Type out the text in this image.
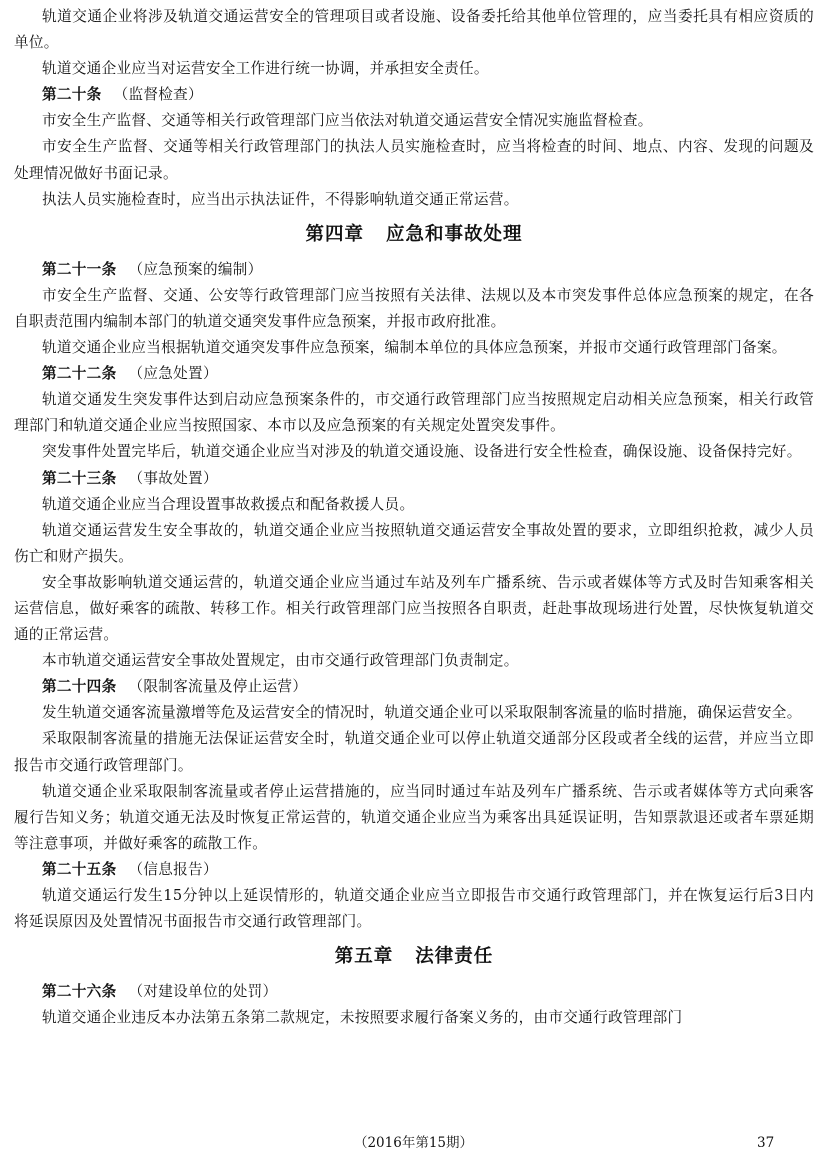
轨道交通企业将涉及轨道交通运营安全的管理项目或者设施、设备委托给其他单位管理的，应当委托具有相应资质的单位。

轨道交通企业应当对运营安全工作进行统一协调，并承担安全责任。

第二十条 （监督检查）

市安全生产监督、交通等相关行政管理部门应当依法对轨道交通运营安全情况实施监督检查。

市安全生产监督、交通等相关行政管理部门的执法人员实施检查时，应当将检查的时间、地点、内容、发现的问题及处理情况做好书面记录。

执法人员实施检查时，应当出示执法证件，不得影响轨道交通正常运营。

第四章 应急和事故处理

第二十一条 （应急预案的编制）

市安全生产监督、交通、公安等行政管理部门应当按照有关法律、法规以及本市突发事件总体应急预案的规定，在各自职责范围内编制本部门的轨道交通突发事件应急预案，并报市政府批准。

轨道交通企业应当根据轨道交通突发事件应急预案，编制本单位的具体应急预案，并报市交通行政管理部门备案。

第二十二条 （应急处置）

轨道交通发生突发事件达到启动应急预案条件的，市交通行政管理部门应当按照规定启动相关应急预案，相关行政管理部门和轨道交通企业应当按照国家、本市以及应急预案的有关规定处置突发事件。

突发事件处置完毕后，轨道交通企业应当对涉及的轨道交通设施、设备进行安全性检查，确保设施、设备保持完好。

第二十三条 （事故处置）

轨道交通企业应当合理设置事故救援点和配备救援人员。

轨道交通运营发生安全事故的，轨道交通企业应当按照轨道交通运营安全事故处置的要求，立即组织抢救，减少人员伤亡和财产损失。

安全事故影响轨道交通运营的，轨道交通企业应当通过车站及列车广播系统、告示或者媒体等方式及时告知乘客相关运营信息，做好乘客的疏散、转移工作。相关行政管理部门应当按照各自职责，赶赴事故现场进行处置，尽快恢复轨道交通的正常运营。

本市轨道交通运营安全事故处置规定，由市交通行政管理部门负责制定。

第二十四条 （限制客流量及停止运营）

发生轨道交通客流量激增等危及运营安全的情况时，轨道交通企业可以采取限制客流量的临时措施，确保运营安全。

采取限制客流量的措施无法保证运营安全时，轨道交通企业可以停止轨道交通部分区段或者全线的运营，并应当立即报告市交通行政管理部门。

轨道交通企业采取限制客流量或者停止运营措施的，应当同时通过车站及列车广播系统、告示或者媒体等方式向乘客履行告知义务；轨道交通无法及时恢复正常运营的，轨道交通企业应当为乘客出具延误证明，告知票款退还或者车票延期等注意事项，并做好乘客的疏散工作。

第二十五条 （信息报告）

轨道交通运行发生15分钟以上延误情形的，轨道交通企业应当立即报告市交通行政管理部门，并在恢复运行后3日内将延误原因及处置情况书面报告市交通行政管理部门。

第五章 法律责任

第二十六条 （对建设单位的处罚）

轨道交通企业违反本办法第五条第二款规定，未按照要求履行备案义务的，由市交通行政管理部门

（2016年第15期）	37
